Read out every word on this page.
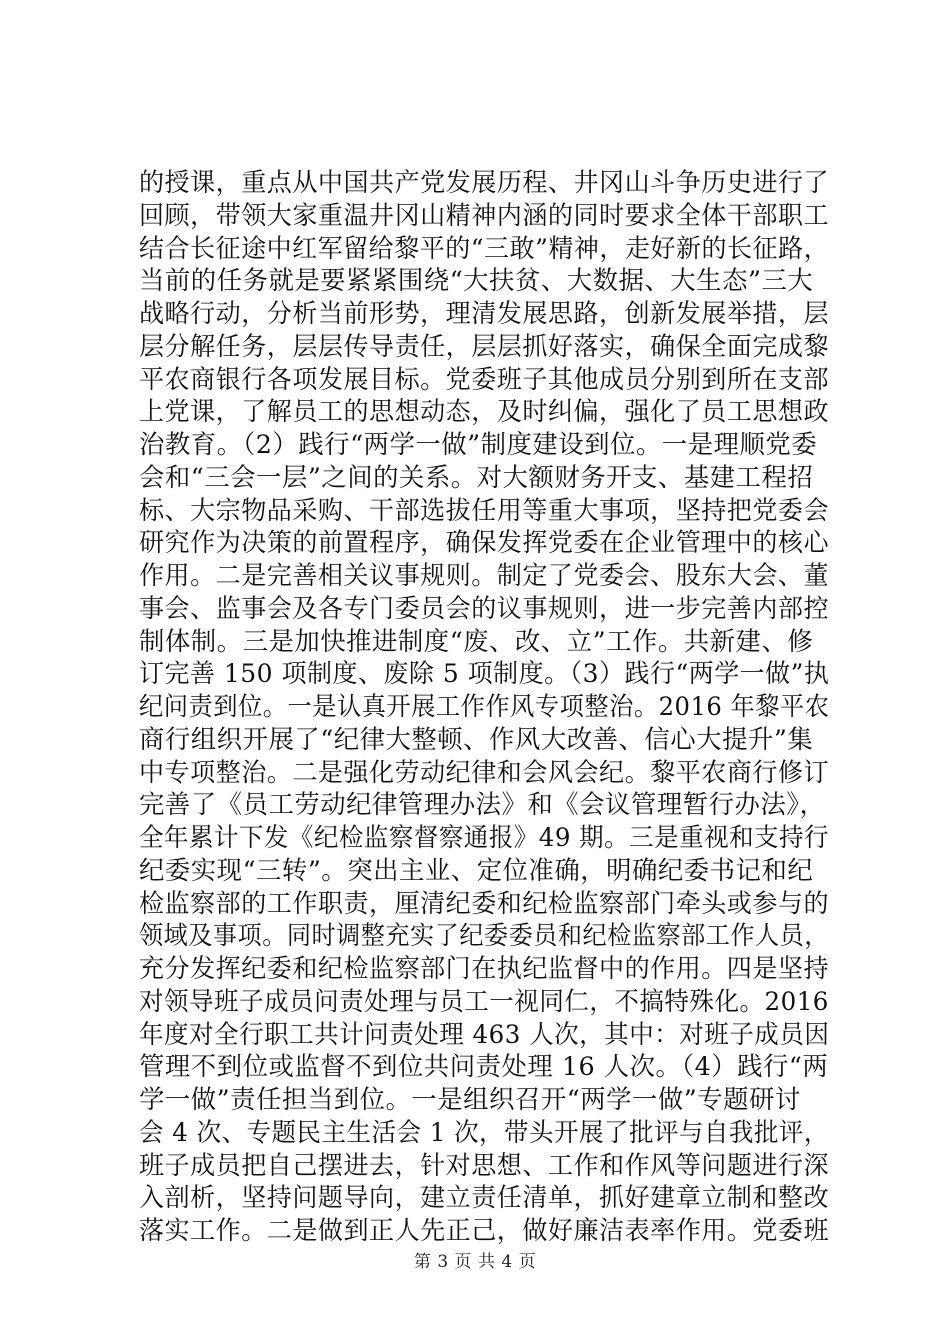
的授课，重点从中国共产党发展历程、井冈山斗争历史进行了
回顾，带领大家重温井冈山精神内涵的同时要求全体干部职工
结合长征途中红军留给黎平的“三敢”精神，走好新的长征路，
当前的任务就是要紧紧围绕“大扶贫、大数据、大生态”三大
战略行动，分析当前形势，理清发展思路，创新发展举措，层
层分解任务，层层传导责任，层层抓好落实，确保全面完成黎
平农商银行各项发展目标。党委班子其他成员分别到所在支部
上党课，了解员工的思想动态，及时纠偏，强化了员工思想政
治教育。（2）践行“两学一做”制度建设到位。一是理顺党委
会和“三会一层”之间的关系。对大额财务开支、基建工程招
标、大宗物品采购、干部选拔任用等重大事项，坚持把党委会
研究作为决策的前置程序，确保发挥党委在企业管理中的核心
作用。二是完善相关议事规则。制定了党委会、股东大会、董
事会、监事会及各专门委员会的议事规则，进一步完善内部控
制体制。三是加快推进制度“废、改、立”工作。共新建、修
订完善 150 项制度、废除 5 项制度。（3）践行“两学一做”执
纪问责到位。一是认真开展工作作风专项整治。2016 年黎平农
商行组织开展了“纪律大整顿、作风大改善、信心大提升”集
中专项整治。二是强化劳动纪律和会风会纪。黎平农商行修订
完善了《员工劳动纪律管理办法》和《会议管理暂行办法》，
全年累计下发《纪检监察督察通报》49 期。三是重视和支持行
纪委实现“三转”。突出主业、定位准确，明确纪委书记和纪
检监察部的工作职责，厘清纪委和纪检监察部门牵头或参与的
领域及事项。同时调整充实了纪委委员和纪检监察部工作人员，
充分发挥纪委和纪检监察部门在执纪监督中的作用。四是坚持
对领导班子成员问责处理与员工一视同仁，不搞特殊化。2016
年度对全行职工共计问责处理 463 人次，其中：对班子成员因
管理不到位或监督不到位共问责处理 16 人次。（4）践行“两
学一做”责任担当到位。一是组织召开“两学一做”专题研讨
会 4 次、专题民主生活会 1 次，带头开展了批评与自我批评，
班子成员把自己摆进去，针对思想、工作和作风等问题进行深
入剖析，坚持问题导向，建立责任清单，抓好建章立制和整改
落实工作。二是做到正人先正己，做好廉洁表率作用。党委班
第 3 页 共 4 页
